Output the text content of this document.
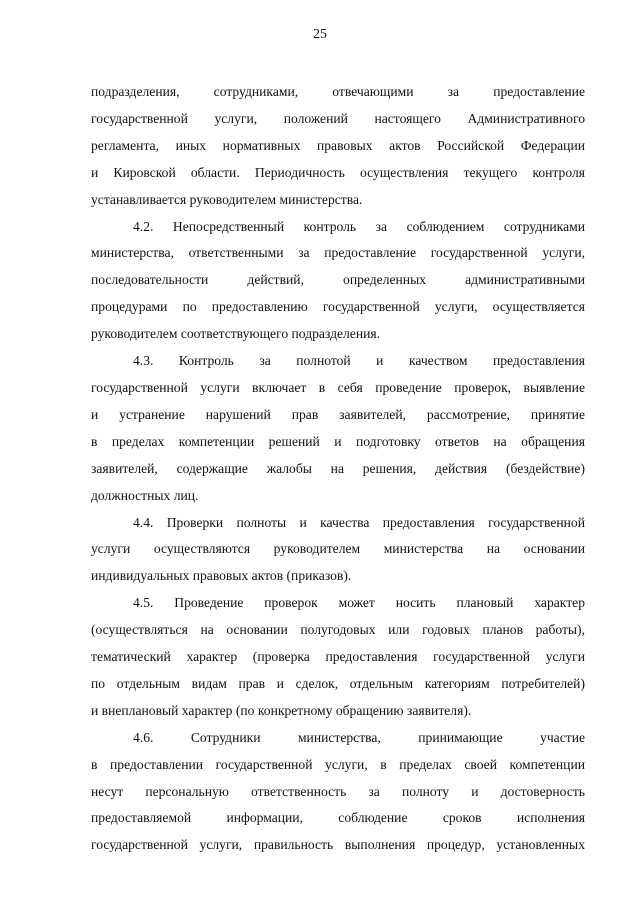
25

подразделения, сотрудниками, отвечающими за предоставление
государственной услуги, положений настоящего Административного
регламента, иных нормативных правовых актов Российской Федерации
и Кировской области. Периодичность осуществления текущего контроля
устанавливается руководителем министерства.

4.2. Непосредственный контроль за соблюдением сотрудниками
министерства, ответственными за предоставление государственной услуги,
последовательности действий, определенных административными
процедурами по предоставлению государственной услуги, осуществляется
руководителем соответствующего подразделения.

4.3. Контроль за полнотой и качеством предоставления
государственной услуги включает в себя проведение проверок, выявление
и устранение нарушений прав заявителей, рассмотрение, принятие
в пределах компетенции решений и подготовку ответов на обращения
заявителей, содержащие жалобы на решения, действия (бездействие)
должностных лиц.

4.4. Проверки полноты и качества предоставления государственной
услуги осуществляются руководителем министерства на основании
индивидуальных правовых актов (приказов).

4.5. Проведение проверок может носить плановый характер
(осуществляться на основании полугодовых или годовых планов работы),
тематический характер (проверка предоставления государственной услуги
по отдельным видам прав и сделок, отдельным категориям потребителей)
и внеплановый характер (по конкретному обращению заявителя).

4.6. Сотрудники министерства, принимающие участие
в предоставлении государственной услуги, в пределах своей компетенции
несут персональную ответственность за полноту и достоверность
предоставляемой информации, соблюдение сроков исполнения
государственной услуги, правильность выполнения процедур, установленных
